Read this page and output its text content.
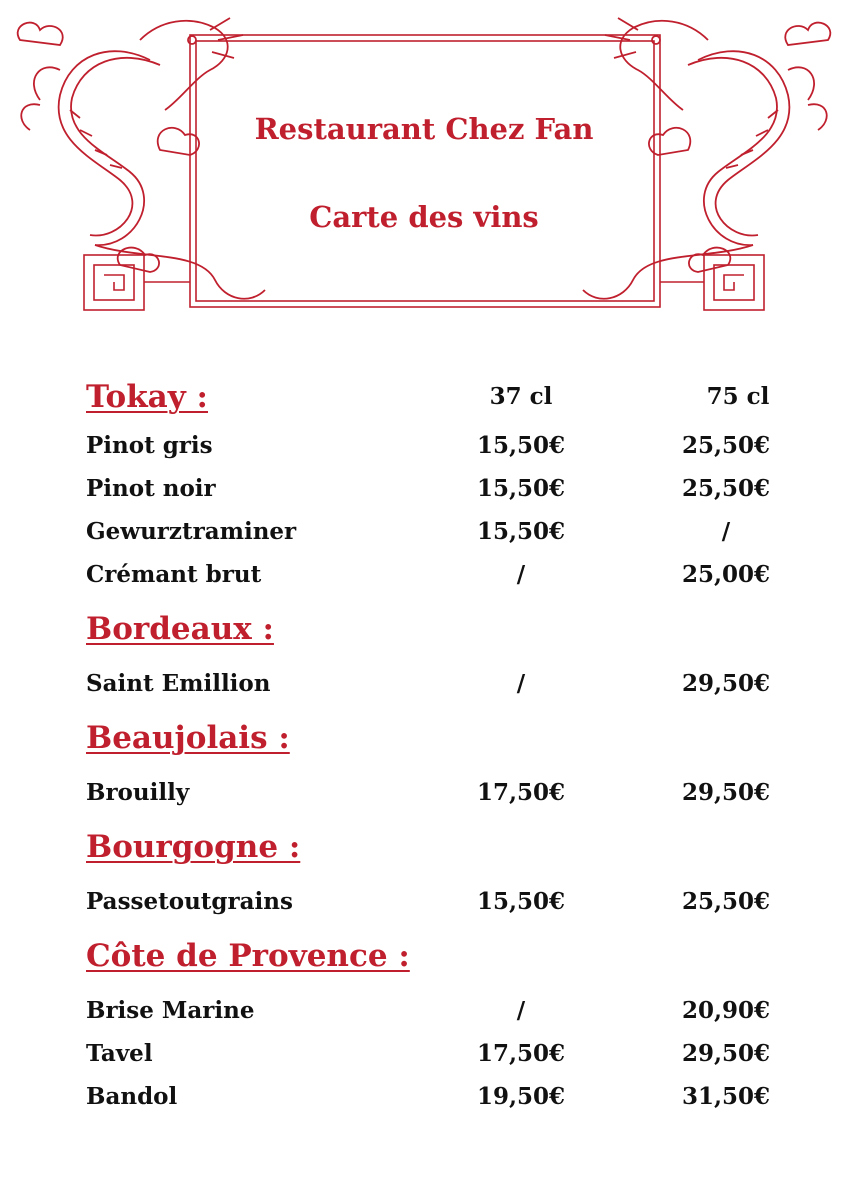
Restaurant Chez Fan
Carte des vins
Tokay :	37 cl	75 cl
Pinot gris	15,50€	25,50€
Pinot noir	15,50€	25,50€
Gewurztraminer	15,50€	/
Crémant brut	/	25,00€
Bordeaux :
Saint Emillion	/	29,50€
Beaujolais :
Brouilly	17,50€	29,50€
Bourgogne :
Passetoutgrains	15,50€	25,50€
Côte de Provence :
Brise Marine	/	20,90€
Tavel	17,50€	29,50€
Bandol	19,50€	31,50€
